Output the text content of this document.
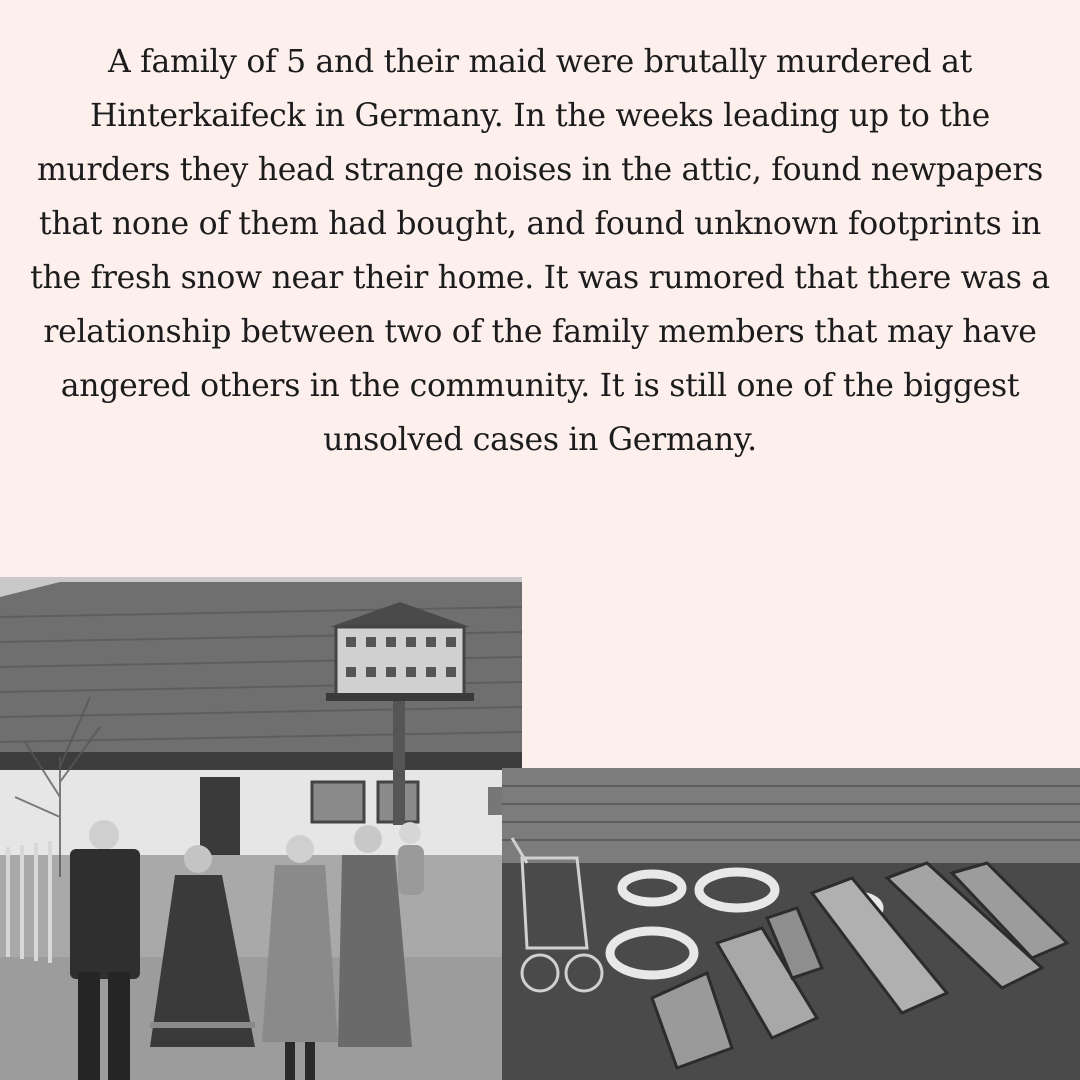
A family of 5 and their maid were brutally murdered at Hinterkaifeck in Germany. In the weeks leading up to the murders they head strange noises in the attic, found newpapers that none of them had bought, and found unknown footprints in the fresh snow near their home. It was rumored that there was a relationship between two of the family members that may have angered others in the community. It is still one of the biggest unsolved cases in Germany.
